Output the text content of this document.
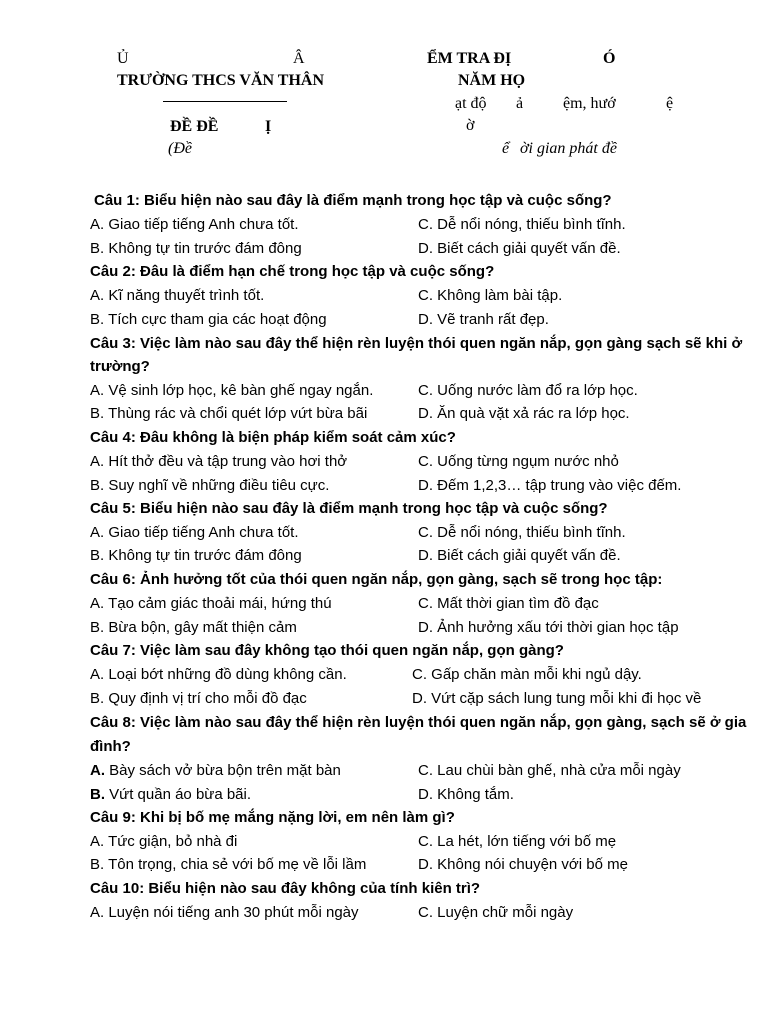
Ủ	Â
TRƯỜNG THCS VĂN THÂN
ĐỀ ĐỀ	Ị
(Đề
ỂM TRA ĐỊ	Ó
NĂM HỌ
ạt độ ả ệm, hướ	ệ
ờ
ể ời gian phát đề
Câu 1: Biểu hiện nào sau đây là điểm mạnh trong học tập và cuộc sống?
A. Giao tiếp tiếng Anh chưa tốt.	C. Dễ nổi nóng, thiếu bình tĩnh.
B. Không tự tin trước đám đông	D. Biết cách giải quyết vấn đề.
Câu 2: Đâu là điểm hạn chế trong học tập và cuộc sống?
A. Kĩ năng thuyết trình tốt.	C. Không làm bài tập.
B. Tích cực tham gia các hoạt động	D. Vẽ tranh rất đẹp.
Câu 3: Việc làm nào sau đây thể hiện rèn luyện thói quen ngăn nắp, gọn gàng sạch sẽ khi ở
trường?
A. Vệ sinh lớp học, kê bàn ghế ngay ngắn.	C. Uống nước làm đổ ra lớp học.
B. Thùng rác và chổi quét lớp vứt bừa bãi	D. Ăn quà vặt xả rác ra lớp học.
Câu 4: Đâu không là biện pháp kiểm soát cảm xúc?
A. Hít thở đều và tập trung vào hơi thở	C. Uống từng ngụm nước nhỏ
B. Suy nghĩ về những điều tiêu cực.	D. Đếm 1,2,3… tập trung vào việc đếm.
Câu 5: Biểu hiện nào sau đây là điểm mạnh trong học tập và cuộc sống?
A. Giao tiếp tiếng Anh chưa tốt.	C. Dễ nổi nóng, thiếu bình tĩnh.
B. Không tự tin trước đám đông	D. Biết cách giải quyết vấn đề.
Câu 6: Ảnh hưởng tốt của thói quen ngăn nắp, gọn gàng, sạch sẽ trong học tập:
A. Tạo cảm giác thoải mái, hứng thú	C. Mất thời gian tìm đồ đạc
B. Bừa bộn, gây mất thiện cảm	D. Ảnh hưởng xấu tới thời gian học tập
Câu 7: Việc làm sau đây không tạo thói quen ngăn nắp, gọn gàng?
A. Loại bớt những đồ dùng không cần.	C. Gấp chăn màn mỗi khi ngủ dậy.
B. Quy định vị trí cho mỗi đồ đạc	D. Vứt cặp sách lung tung mỗi khi đi học về
Câu 8: Việc làm nào sau đây thể hiện rèn luyện thói quen ngăn nắp, gọn gàng, sạch sẽ ở gia
đình?
A. Bày sách vở bừa bộn trên mặt bàn	C. Lau chùi bàn ghế, nhà cửa mỗi ngày
B. Vứt quần áo bừa bãi.	D. Không tắm.
Câu 9: Khi bị bố mẹ mắng nặng lời, em nên làm gì?
A. Tức giận, bỏ nhà đi	C. La hét, lớn tiếng với bố mẹ
B. Tôn trọng, chia sẻ với bố mẹ về lỗi lầm	D. Không nói chuyện với bố mẹ
Câu 10: Biểu hiện nào sau đây không của tính kiên trì?
A. Luyện nói tiếng anh 30 phút mỗi ngày	C. Luyện chữ mỗi ngày
